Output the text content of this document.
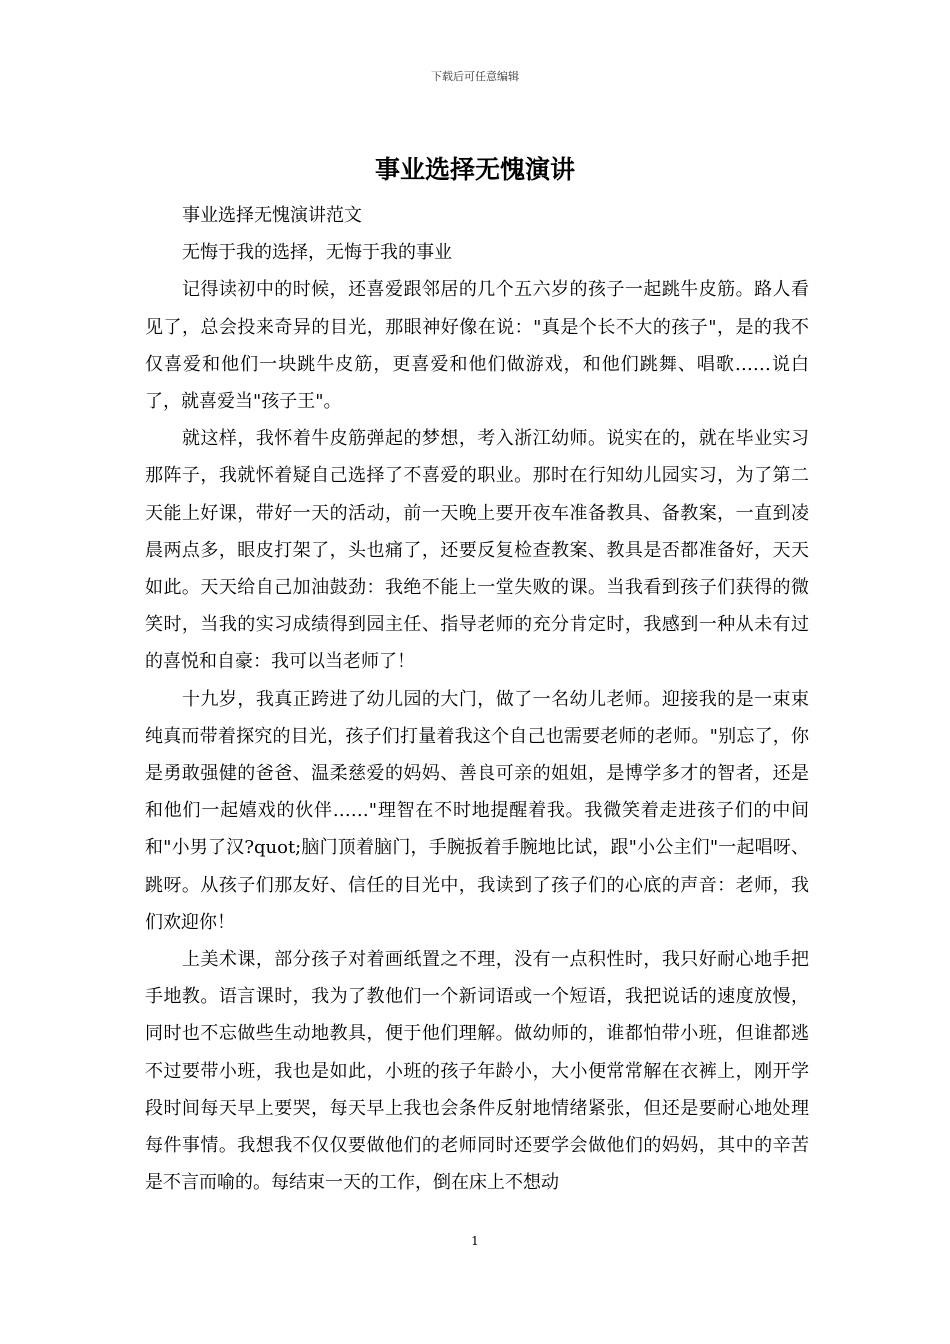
下载后可任意编辑
事业选择无愧演讲

事业选择无愧演讲范文

无悔于我的选择，无悔于我的事业

记得读初中的时候，还喜爱跟邻居的几个五六岁的孩子一起跳牛皮筋。路人看见了，总会投来奇异的目光，那眼神好像在说："真是个长不大的孩子"，是的我不仅喜爱和他们一块跳牛皮筋，更喜爱和他们做游戏，和他们跳舞、唱歌……说白了，就喜爱当"孩子王"。

就这样，我怀着牛皮筋弹起的梦想，考入浙江幼师。说实在的，就在毕业实习那阵子，我就怀着疑自己选择了不喜爱的职业。那时在行知幼儿园实习，为了第二天能上好课，带好一天的活动，前一天晚上要开夜车准备教具、备教案，一直到凌晨两点多，眼皮打架了，头也痛了，还要反复检查教案、教具是否都准备好，天天如此。天天给自己加油鼓劲：我绝不能上一堂失败的课。当我看到孩子们获得的微笑时，当我的实习成绩得到园主任、指导老师的充分肯定时，我感到一种从未有过的喜悦和自豪：我可以当老师了！

十九岁，我真正跨进了幼儿园的大门，做了一名幼儿老师。迎接我的是一束束纯真而带着探究的目光，孩子们打量着我这个自己也需要老师的老师。"别忘了，你是勇敢强健的爸爸、温柔慈爱的妈妈、善良可亲的姐姐，是博学多才的智者，还是和他们一起嬉戏的伙伴……"理智在不时地提醒着我。我微笑着走进孩子们的中间和"小男了汉?quot;脑门顶着脑门，手腕扳着手腕地比试，跟"小公主们"一起唱呀、跳呀。从孩子们那友好、信任的目光中，我读到了孩子们的心底的声音：老师，我们欢迎你！

上美术课，部分孩子对着画纸置之不理，没有一点积性时，我只好耐心地手把手地教。语言课时，我为了教他们一个新词语或一个短语，我把说话的速度放慢，同时也不忘做些生动地教具，便于他们理解。做幼师的，谁都怕带小班，但谁都逃不过要带小班，我也是如此，小班的孩子年龄小，大小便常常解在衣裤上，刚开学段时间每天早上要哭，每天早上我也会条件反射地情绪紧张，但还是要耐心地处理每件事情。我想我不仅仅要做他们的老师同时还要学会做他们的妈妈，其中的辛苦是不言而喻的。每结束一天的工作，倒在床上不想动

1
